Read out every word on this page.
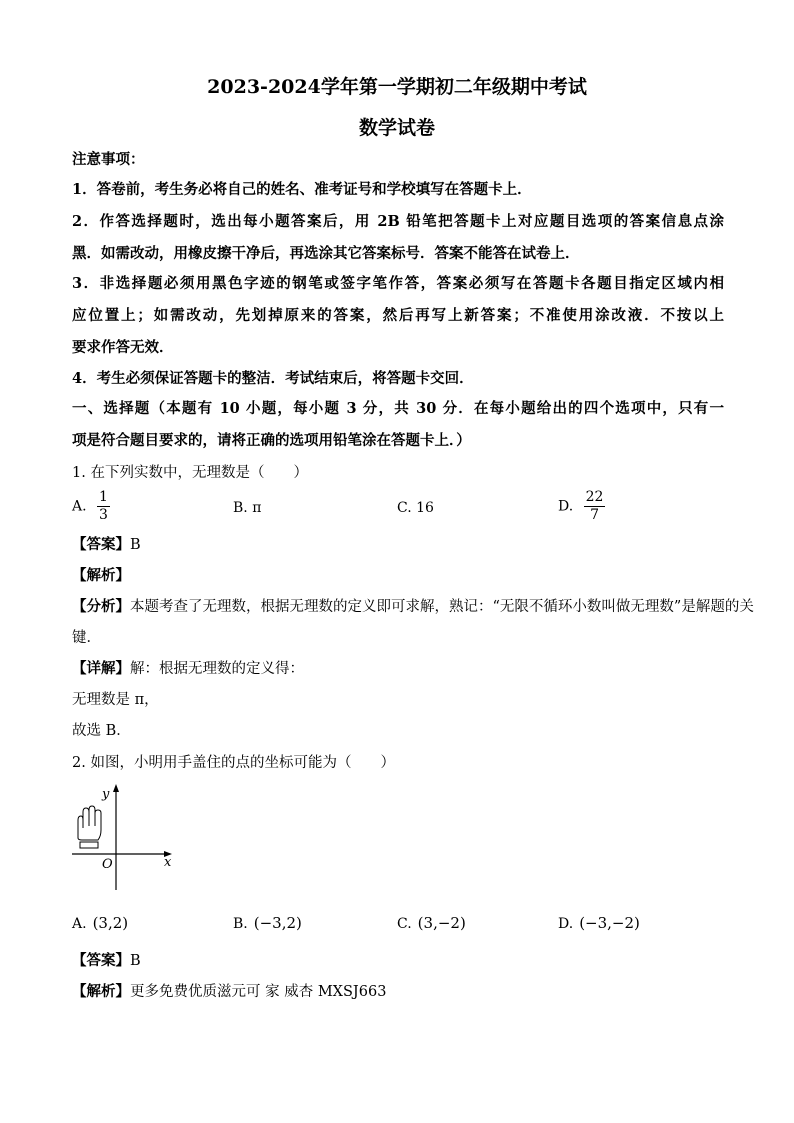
2023-2024学年第一学期初二年级期中考试
数学试卷
注意事项：
1．答卷前，考生务必将自己的姓名、准考证号和学校填写在答题卡上．
2．作答选择题时，选出每小题答案后，用 2B 铅笔把答题卡上对应题目选项的答案信息点涂
黑．如需改动，用橡皮擦干净后，再选涂其它答案标号．答案不能答在试卷上．
3．非选择题必须用黑色字迹的钢笔或签字笔作答，答案必须写在答题卡各题目指定区域内相
应位置上；如需改动，先划掉原来的答案，然后再写上新答案；不准使用涂改液．不按以上
要求作答无效．
4．考生必须保证答题卡的整洁．考试结束后，将答题卡交回．
一、选择题（本题有 10 小题，每小题 3 分，共 30 分．在每小题给出的四个选项中，只有一
项是符合题目要求的，请将正确的选项用铅笔涂在答题卡上．）
1. 在下列实数中，无理数是（　　）
A. $\frac{1}{3}$	B. π	C. 16	D. $\frac{22}{7}$
【答案】B
【解析】
【分析】本题考查了无理数，根据无理数的定义即可求解，熟记：“无限不循环小数叫做无理数”是解题的关
键．
【详解】解：根据无理数的定义得：
无理数是 π，
故选 B．
2. 如图，小明用手盖住的点的坐标可能为（　　）
y
x
O
A. (3,2)	B. (−3,2)	C. (3,−2)	D. (−3,−2)
【答案】B
【解析】更多免费优质滋元可 家 威杏 MXSJ663
